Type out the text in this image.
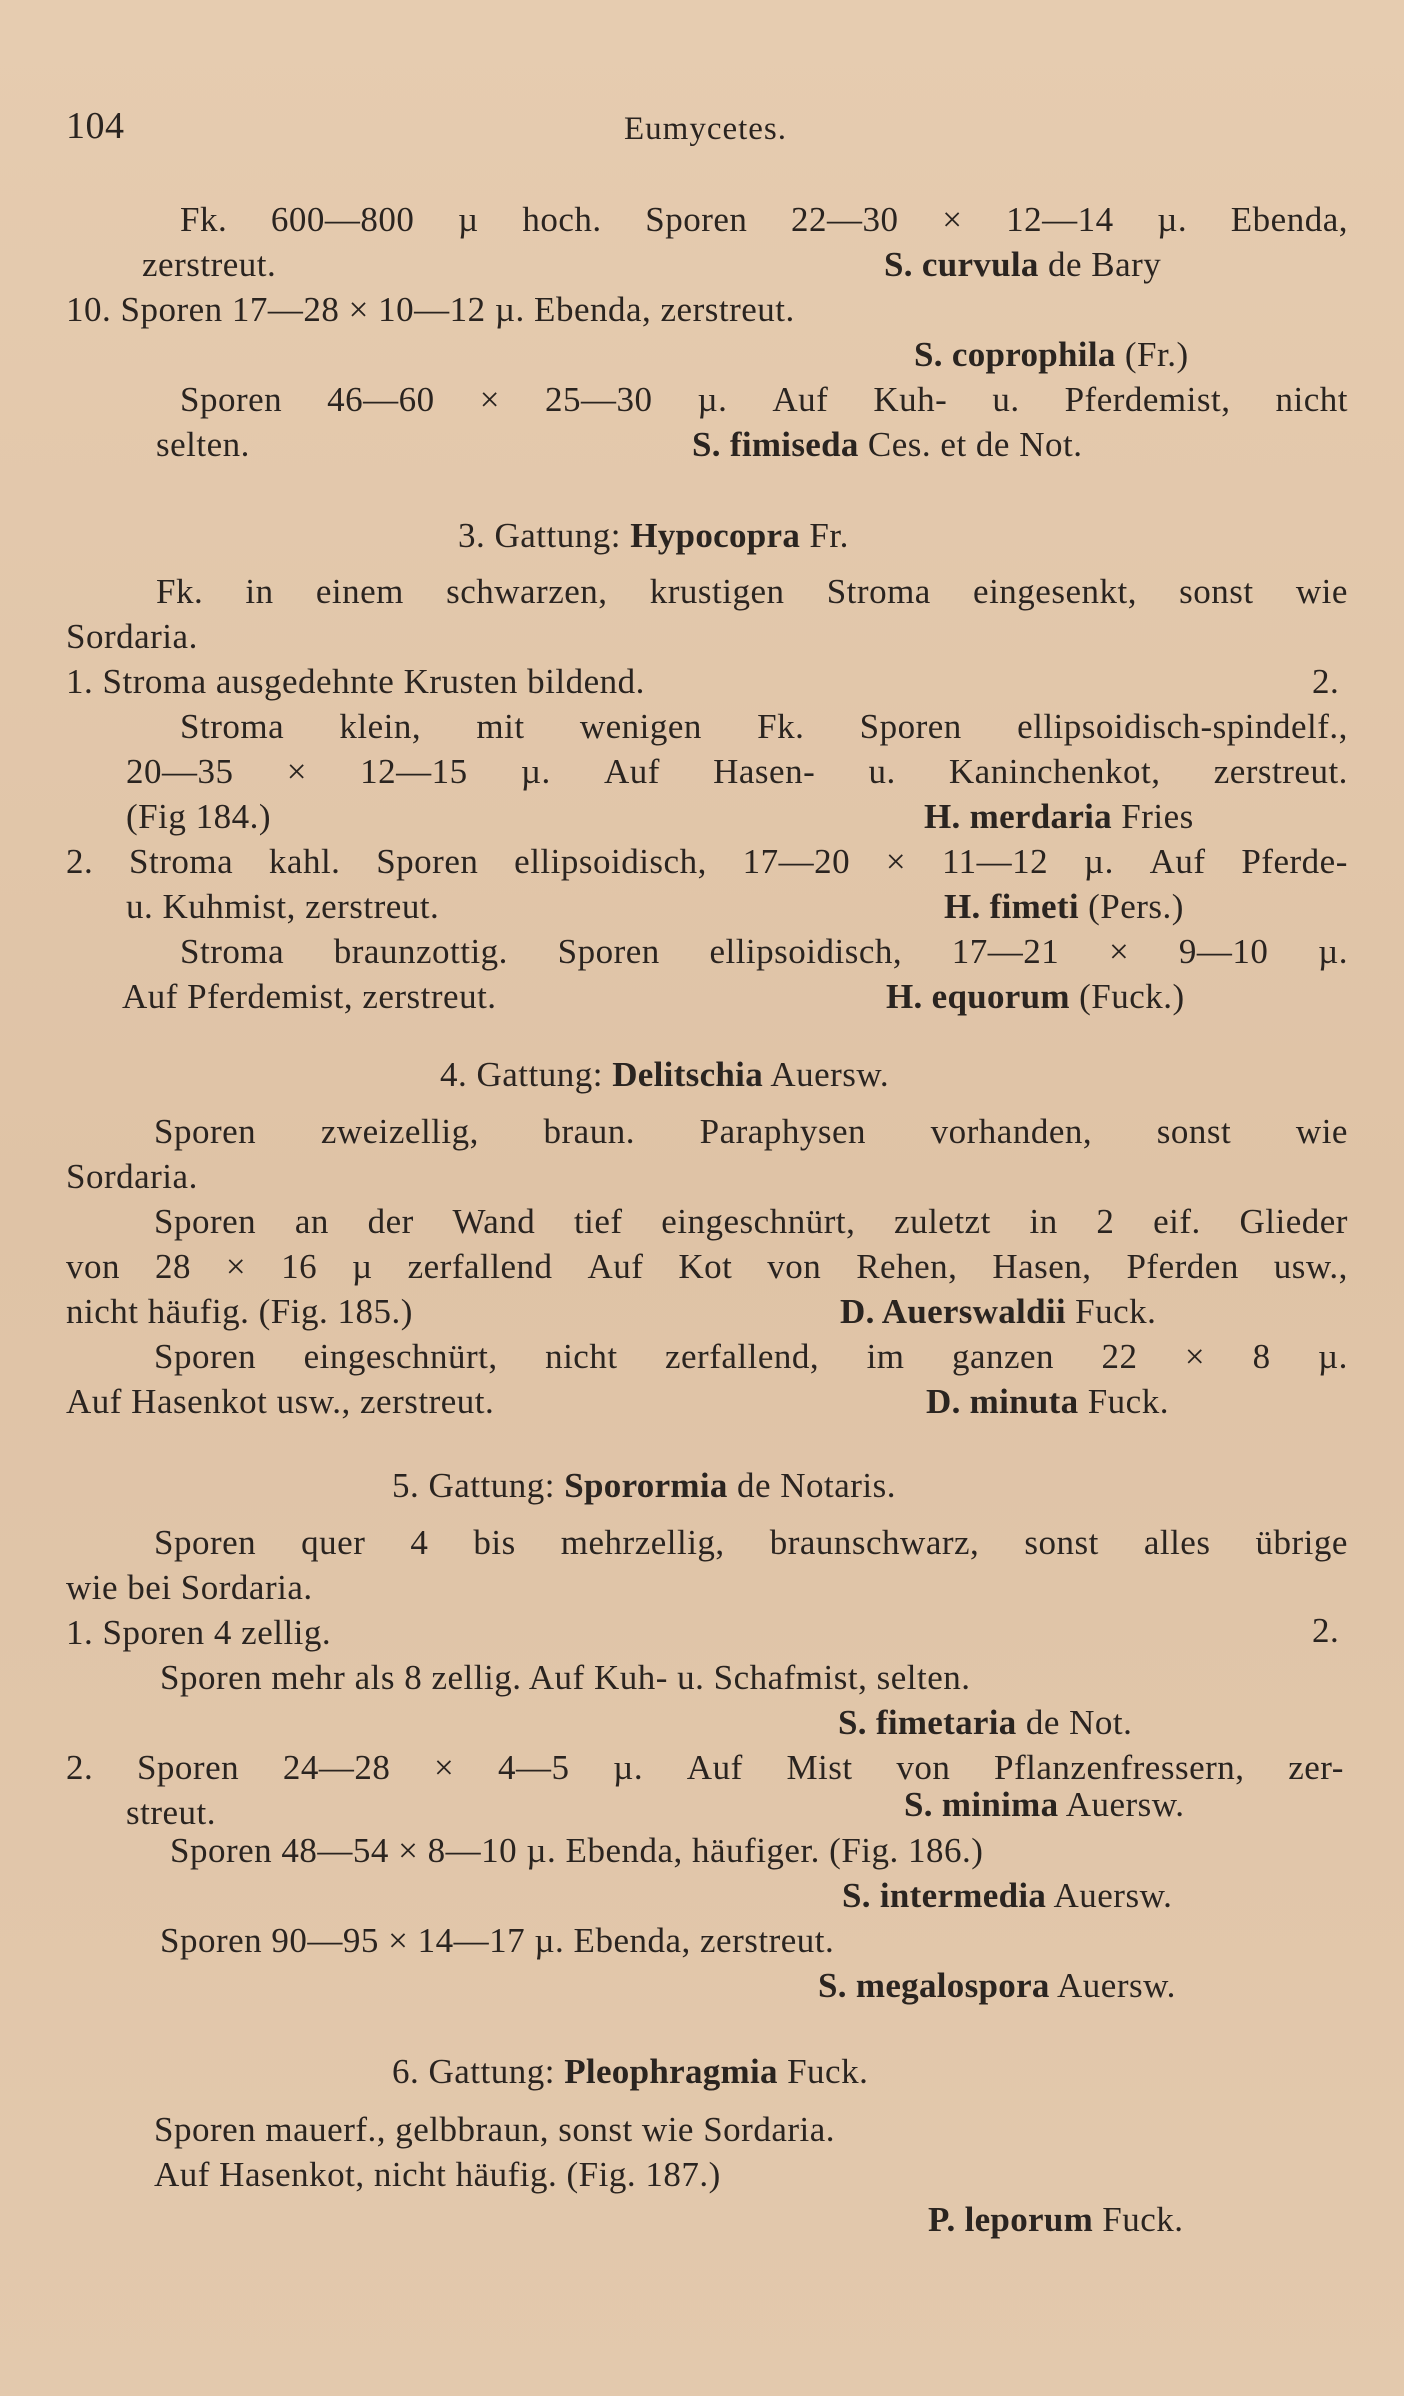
104	Eumycetes.
Fk. 600—800 µ hoch. Sporen 22—30 × 12—14 µ. Ebenda,
zerstreut.	S. curvula de Bary
10. Sporen 17—28 × 10—12 µ. Ebenda, zerstreut.
S. coprophila (Fr.)
Sporen 46—60 × 25—30 µ. Auf Kuh- u. Pferdemist, nicht
selten.	S. fimiseda Ces. et de Not.
3. Gattung: Hypocopra Fr.
Fk. in einem schwarzen, krustigen Stroma eingesenkt, sonst wie
Sordaria.
1. Stroma ausgedehnte Krusten bildend.	2.
Stroma klein, mit wenigen Fk. Sporen ellipsoidisch-spindelf.,
20—35 × 12—15 µ. Auf Hasen- u. Kaninchenkot, zerstreut.
(Fig 184.)	H. merdaria Fries
2. Stroma kahl. Sporen ellipsoidisch, 17—20 × 11—12 µ. Auf Pferde-
u. Kuhmist, zerstreut.	H. fimeti (Pers.)
Stroma braunzottig. Sporen ellipsoidisch, 17—21 × 9—10 µ.
Auf Pferdemist, zerstreut.	H. equorum (Fuck.)
4. Gattung: Delitschia Auersw.
Sporen zweizellig, braun. Paraphysen vorhanden, sonst wie
Sordaria.
Sporen an der Wand tief eingeschnürt, zuletzt in 2 eif. Glieder
von 28 × 16 µ zerfallend Auf Kot von Rehen, Hasen, Pferden usw.,
nicht häufig. (Fig. 185.)	D. Auerswaldii Fuck.
Sporen eingeschnürt, nicht zerfallend, im ganzen 22 × 8 µ.
Auf Hasenkot usw., zerstreut.	D. minuta Fuck.
5. Gattung: Sporormia de Notaris.
Sporen quer 4 bis mehrzellig, braunschwarz, sonst alles übrige
wie bei Sordaria.
1. Sporen 4 zellig.	2.
Sporen mehr als 8 zellig. Auf Kuh- u. Schafmist, selten.
S. fimetaria de Not.
2. Sporen 24—28 × 4—5 µ. Auf Mist von Pflanzenfressern, zer-
streut.	S. minima Auersw.
Sporen 48—54 × 8—10 µ. Ebenda, häufiger. (Fig. 186.)
S. intermedia Auersw.
Sporen 90—95 × 14—17 µ. Ebenda, zerstreut.
S. megalospora Auersw.
6. Gattung: Pleophragmia Fuck.
Sporen mauerf., gelbbraun, sonst wie Sordaria.
Auf Hasenkot, nicht häufig. (Fig. 187.)
P. leporum Fuck.
